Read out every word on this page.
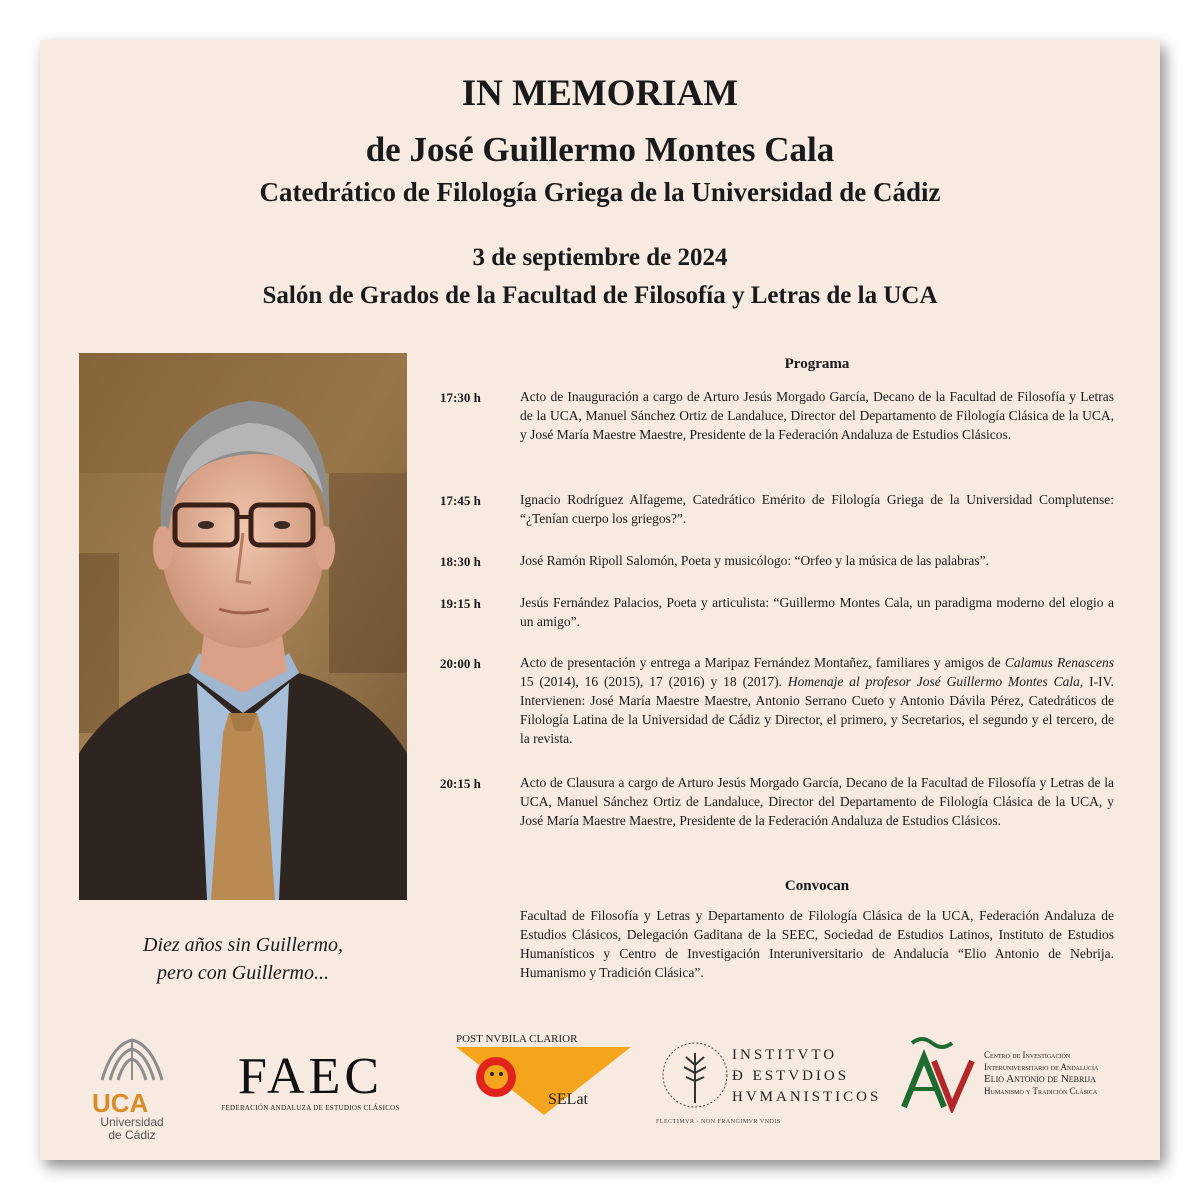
IN MEMORIAM
de José Guillermo Montes Cala
Catedrático de Filología Griega de la Universidad de Cádiz
3 de septiembre de 2024
Salón de Grados de la Facultad de Filosofía y Letras de la UCA
Diez años sin Guillermo,
pero con Guillermo...
Programa
17:30 h	Acto de Inauguración a cargo de Arturo Jesús Morgado García, Decano de la Facultad de Filosofía y Letras de la UCA, Manuel Sánchez Ortiz de Landaluce, Director del Departamento de Filología Clásica de la UCA, y José María Maestre Maestre, Presidente de la Federación Andaluza de Estudios Clásicos.
17:45 h	Ignacio Rodríguez Alfageme, Catedrático Emérito de Filología Griega de la Universidad Complutense: “¿Tenían cuerpo los griegos?”.
18:30 h	José Ramón Ripoll Salomón, Poeta y musicólogo: “Orfeo y la música de las palabras”.
19:15 h	Jesús Fernández Palacios, Poeta y articulista: “Guillermo Montes Cala, un paradigma moderno del elogio a un amigo”.
20:00 h	Acto de presentación y entrega a Maripaz Fernández Montañez, familiares y amigos de Calamus Renascens 15 (2014), 16 (2015), 17 (2016) y 18 (2017). Homenaje al profesor José Guillermo Montes Cala, I-IV. Intervienen: José María Maestre Maestre, Antonio Serrano Cueto y Antonio Dávila Pérez, Catedráticos de Filología Latina de la Universidad de Cádiz y Director, el primero, y Secretarios, el segundo y el tercero, de la revista.
20:15 h	Acto de Clausura a cargo de Arturo Jesús Morgado García, Decano de la Facultad de Filosofía y Letras de la UCA, Manuel Sánchez Ortiz de Landaluce, Director del Departamento de Filología Clásica de la UCA, y José María Maestre Maestre, Presidente de la Federación Andaluza de Estudios Clásicos.
Convocan
Facultad de Filosofía y Letras y Departamento de Filología Clásica de la UCA, Federación Andaluza de Estudios Clásicos, Delegación Gaditana de la SEEC, Sociedad de Estudios Latinos, Instituto de Estudios Humanísticos y Centro de Investigación Interuniversitario de Andalucía “Elio Antonio de Nebrija. Humanismo y Tradición Clásica”.
UCA
Universidad
de Cádiz
FAEC
FEDERACIÓN ANDALUZA DE ESTUDIOS CLÁSICOS
POST NVBILA CLARIOR
SELat
INSTITVTO
Ð ESTVDIOS
HVMANISTICOS
FLECTIMVR · NON FRANGIMVR VNDIS
Centro de Investigación
Interuniversitario de Andalucía
Elio Antonio de Nebrija
Humanismo y Tradición Clásica
